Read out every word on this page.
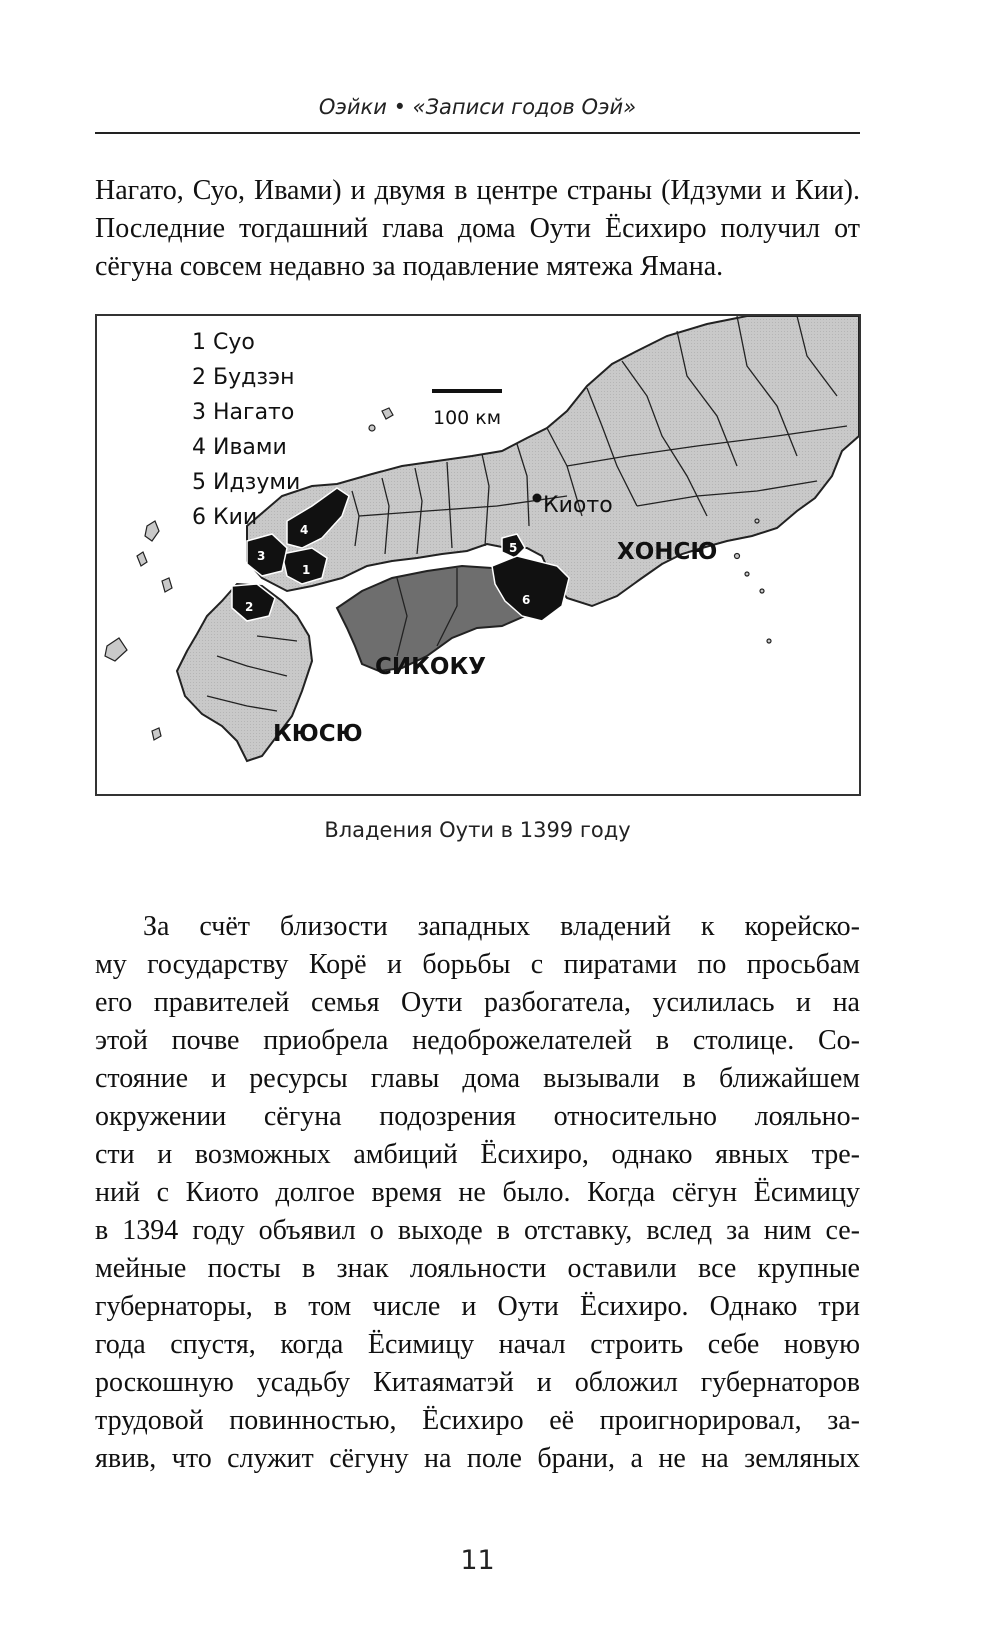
Оэйки • «Записи годов Оэй»
Нагато, Суо, Ивами) и двумя в центре страны (Идзуми и Кии).
Последние тогдашний глава дома Оути Ёсихиро получил от
сёгуна совсем недавно за подавление мятежа Ямана.
100 км
1 Суо
2 Будзэн
3 Нагато
4 Ивами
5 Идзуми
6 Кии
1
2
3
4
5
6
Киото
ХОНСЮ
СИКОКУ
КЮСЮ
Владения Оути в 1399 году
За счёт близости западных владений к корейско-
му государству Корё и борьбы с пиратами по просьбам
его правителей семья Оути разбогатела, усилилась и на
этой почве приобрела недоброжелателей в столице. Со-
стояние и ресурсы главы дома вызывали в ближайшем
окружении сёгуна подозрения относительно лояльно-
сти и возможных амбиций Ёсихиро, однако явных тре-
ний с Киото долгое время не было. Когда сёгун Ёсимицу
в 1394 году объявил о выходе в отставку, вслед за ним се-
мейные посты в знак лояльности оставили все крупные
губернаторы, в том числе и Оути Ёсихиро. Однако три
года спустя, когда Ёсимицу начал строить себе новую
роскошную усадьбу Китаяматэй и обложил губернаторов
трудовой повинностью, Ёсихиро её проигнорировал, за-
явив, что служит сёгуну на поле брани, а не на земляных
11
